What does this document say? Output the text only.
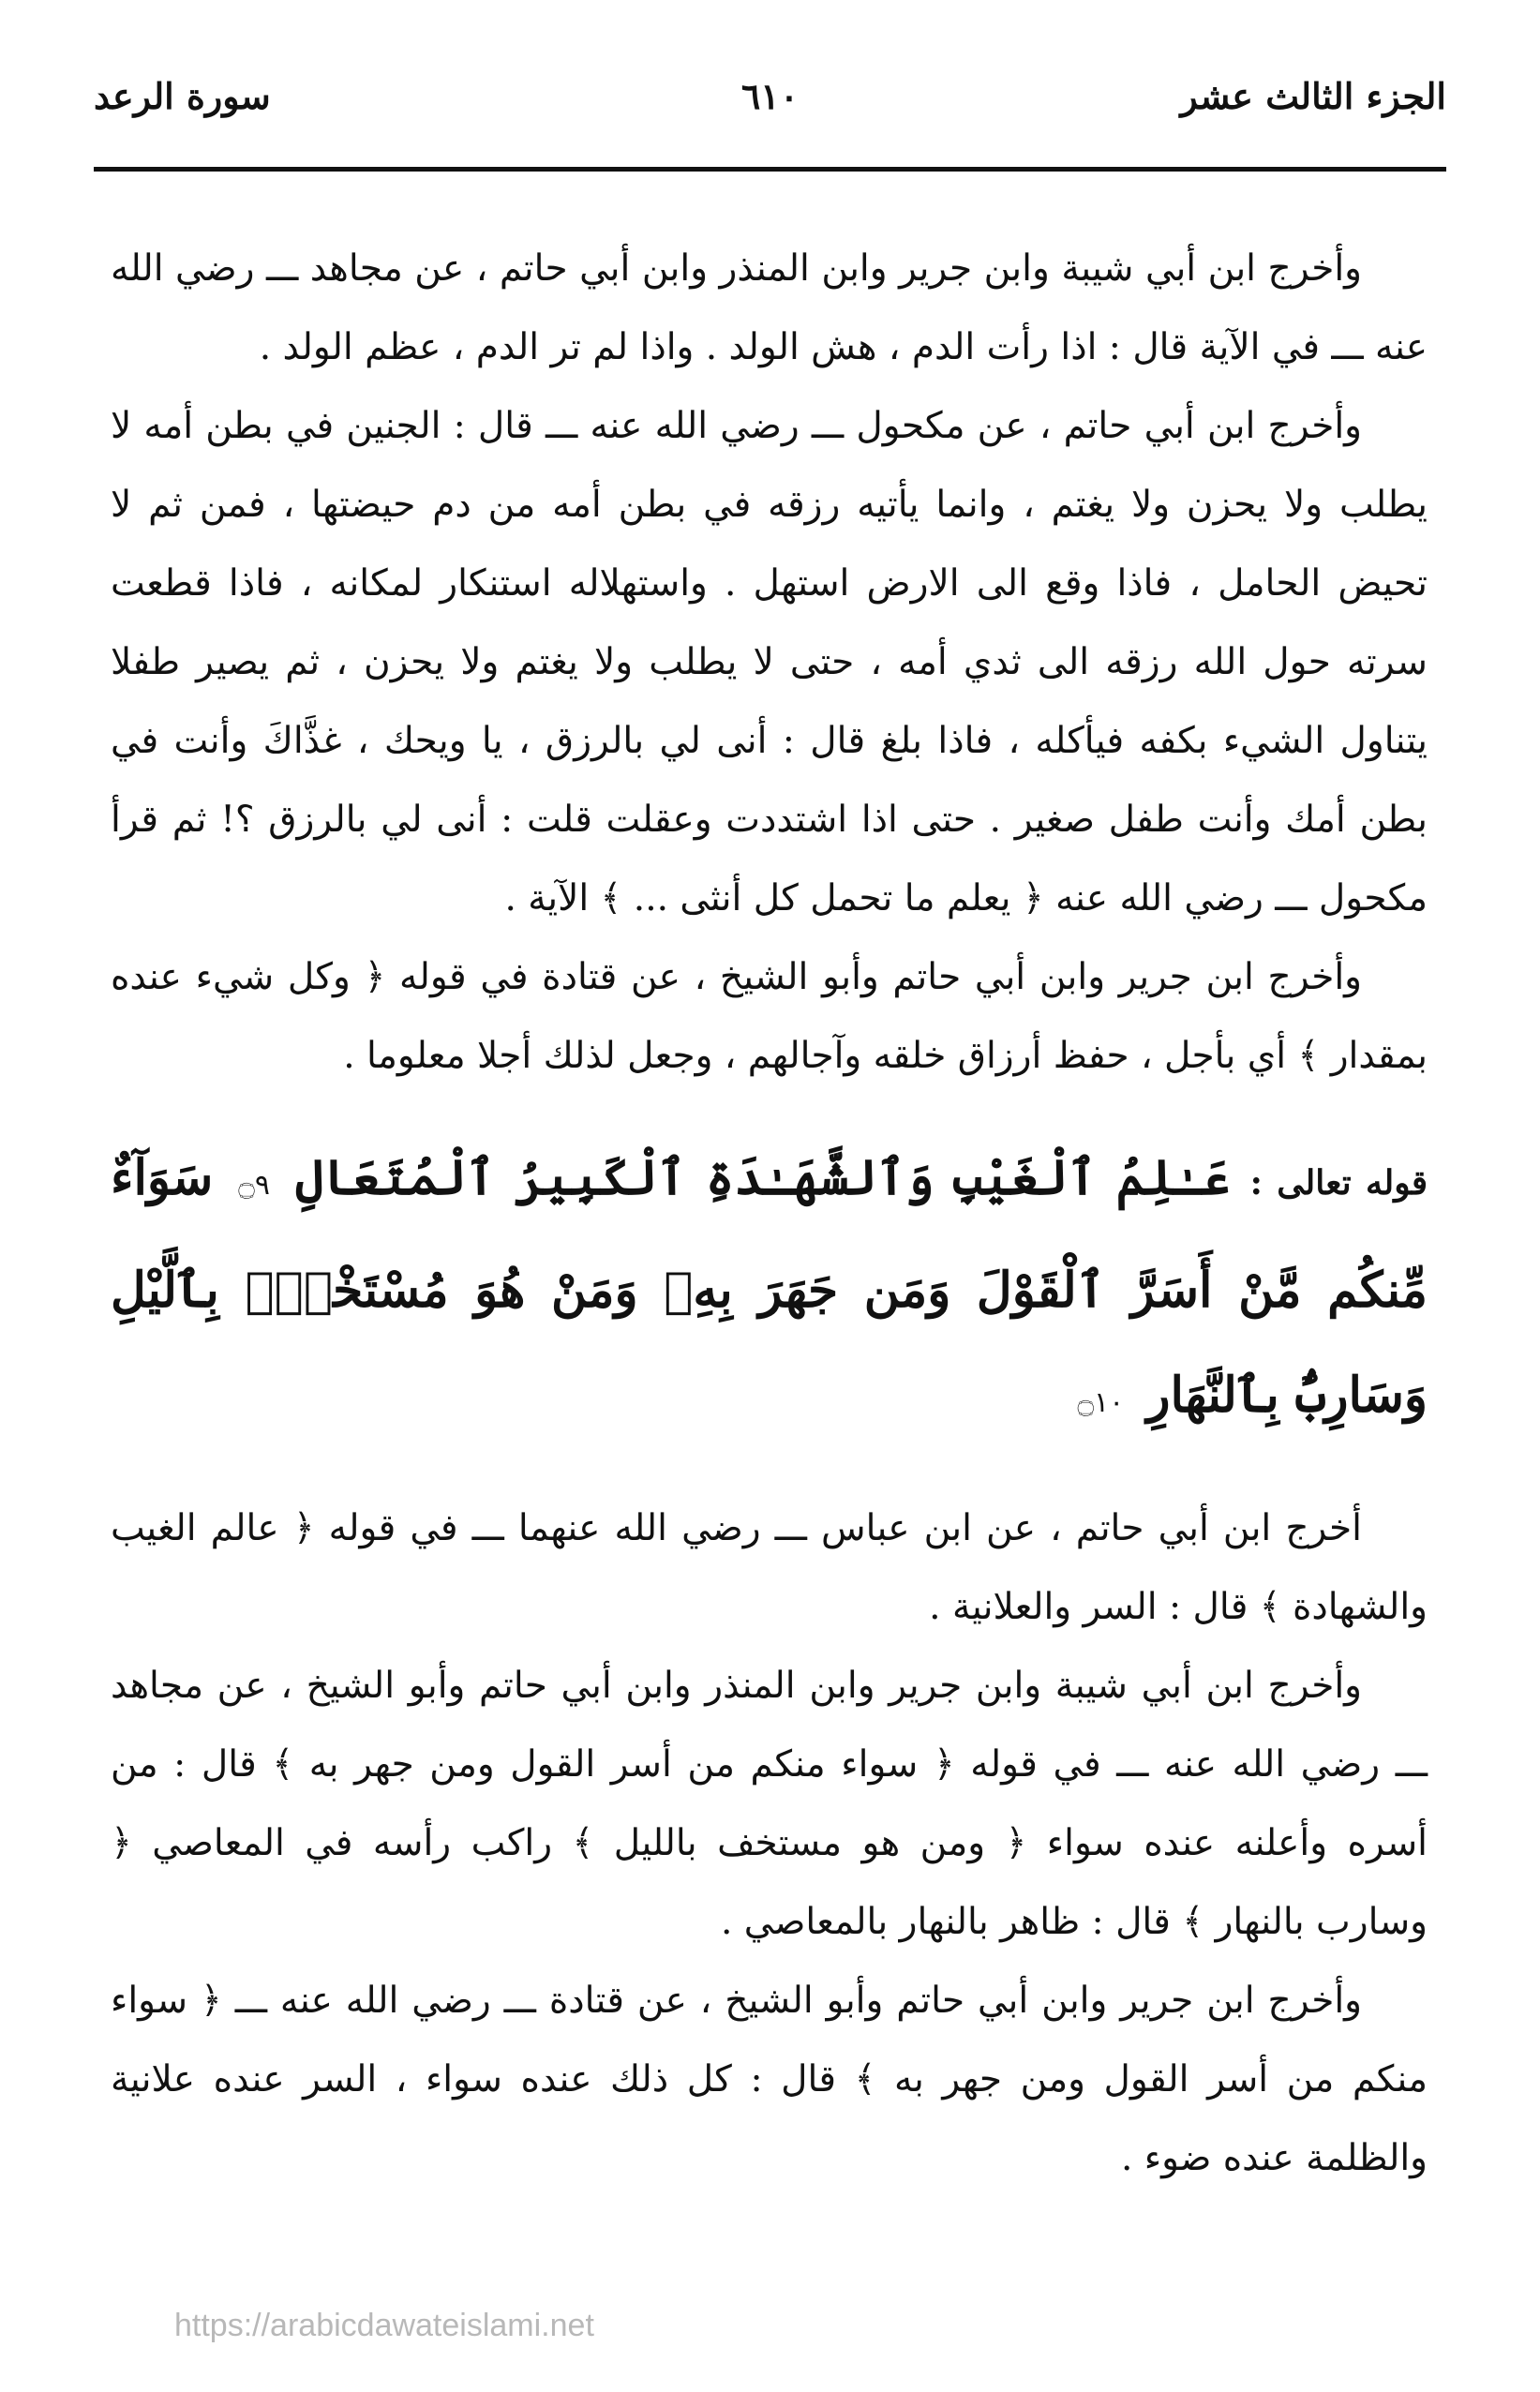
الجزء الثالث عشر
٦١٠
سورة الرعد

وأخرج ابن أبي شيبة وابن جرير وابن المنذر وابن أبي حاتم ، عن مجاهد ـــ رضي الله عنه ـــ في الآية قال : اذا رأت الدم ، هش الولد . واذا لم تر الدم ، عظم الولد .

وأخرج ابن أبي حاتم ، عن مكحول ـــ رضي الله عنه ـــ قال : الجنين في بطن أمه لا يطلب ولا يحزن ولا يغتم ، وانما يأتيه رزقه في بطن أمه من دم حيضتها ، فمن ثم لا تحيض الحامل ، فاذا وقع الى الارض استهل . واستهلاله استنكار لمكانه ، فاذا قطعت سرته حول الله رزقه الى ثدي أمه ، حتى لا يطلب ولا يغتم ولا يحزن ، ثم يصير طفلا يتناول الشيء بكفه فيأكله ، فاذا بلغ قال : أنى لي بالرزق ، يا ويحك ، غذَّاكَ وأنت في بطن أمك وأنت طفل صغير . حتى اذا اشتددت وعقلت قلت : أنى لي بالرزق ؟! ثم قرأ مكحول ـــ رضي الله عنه ﴿ يعلم ما تحمل كل أنثى ... ﴾ الآية .

وأخرج ابن جرير وابن أبي حاتم وأبو الشيخ ، عن قتادة في قوله ﴿ وكل شيء عنده بمقدار ﴾ أي بأجل ، حفظ أرزاق خلقه وآجالهم ، وجعل لذلك أجلا معلوما .

قوله تعالى : عَـٰلِمُ ٱلْغَيْبِ وَٱلشَّهَـٰدَةِ ٱلْكَبِيرُ ٱلْمُتَعَالِ ۝٩ سَوَآءٌ مِّنكُم مَّنْ أَسَرَّ ٱلْقَوْلَ وَمَن جَهَرَ بِهِۦ وَمَنْ هُوَ مُسْتَخْفٍۭ بِٱلَّيْلِ وَسَارِبٌۢ بِٱلنَّهَارِ ۝١٠

أخرج ابن أبي حاتم ، عن ابن عباس ـــ رضي الله عنهما ـــ في قوله ﴿ عالم الغيب والشهادة ﴾ قال : السر والعلانية .

وأخرج ابن أبي شيبة وابن جرير وابن المنذر وابن أبي حاتم وأبو الشيخ ، عن مجاهد ـــ رضي الله عنه ـــ في قوله ﴿ سواء منكم من أسر القول ومن جهر به ﴾ قال : من أسره وأعلنه عنده سواء ﴿ ومن هو مستخف بالليل ﴾ راكب رأسه في المعاصي ﴿ وسارب بالنهار ﴾ قال : ظاهر بالنهار بالمعاصي .

وأخرج ابن جرير وابن أبي حاتم وأبو الشيخ ، عن قتادة ـــ رضي الله عنه ـــ ﴿ سواء منكم من أسر القول ومن جهر به ﴾ قال : كل ذلك عنده سواء ، السر عنده علانية والظلمة عنده ضوء .

https://arabicdawateislami.net
